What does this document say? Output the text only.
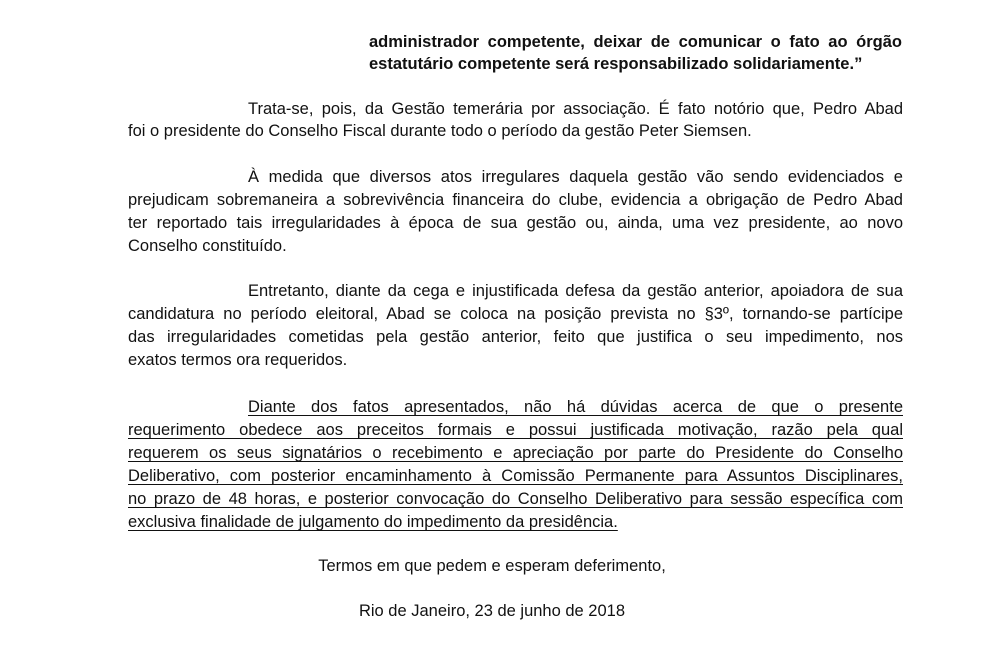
administrador competente, deixar de comunicar o fato ao órgão
estatutário competente será responsabilizado solidariamente.”
Trata-se, pois, da Gestão temerária por associação. É fato notório que, Pedro Abad
foi o presidente do Conselho Fiscal durante todo o período da gestão Peter Siemsen.
À medida que diversos atos irregulares daquela gestão vão sendo evidenciados e
prejudicam sobremaneira a sobrevivência financeira do clube, evidencia a obrigação de Pedro Abad
ter reportado tais irregularidades à época de sua gestão ou, ainda, uma vez presidente, ao novo
Conselho constituído.
Entretanto, diante da cega e injustificada defesa da gestão anterior, apoiadora de sua
candidatura no período eleitoral, Abad se coloca na posição prevista no §3º, tornando-se partícipe
das irregularidades cometidas pela gestão anterior, feito que justifica o seu impedimento, nos
exatos termos ora requeridos.
Diante dos fatos apresentados, não há dúvidas acerca de que o presente
requerimento obedece aos preceitos formais e possui justificada motivação, razão pela qual
requerem os seus signatários o recebimento e apreciação por parte do Presidente do Conselho
Deliberativo, com posterior encaminhamento à Comissão Permanente para Assuntos Disciplinares,
no prazo de 48 horas, e posterior convocação do Conselho Deliberativo para sessão específica com
exclusiva finalidade de julgamento do impedimento da presidência.
Termos em que pedem e esperam deferimento,
Rio de Janeiro, 23 de junho de 2018
